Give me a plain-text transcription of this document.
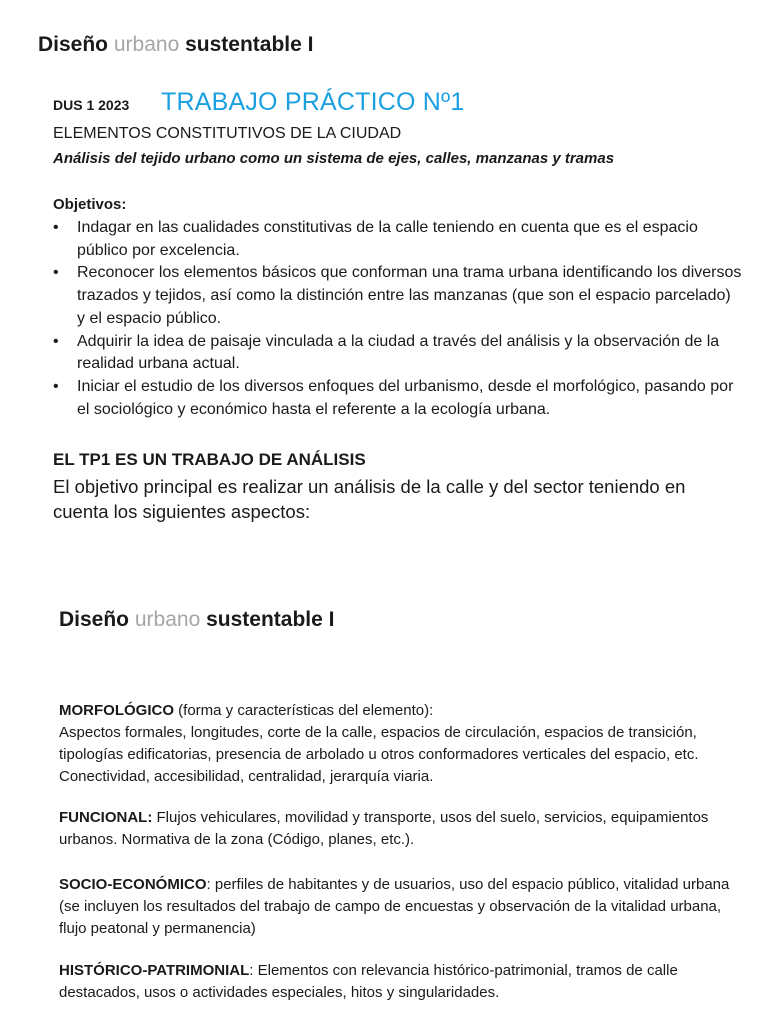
Diseño urbano sustentable I
DUS 1 2023 TRABAJO PRÁCTICO Nº1
ELEMENTOS CONSTITUTIVOS DE LA CIUDAD
Análisis del tejido urbano como un sistema de ejes, calles, manzanas y tramas
Objetivos:
• Indagar en las cualidades constitutivas de la calle teniendo en cuenta que es el espacio público por excelencia.
• Reconocer los elementos básicos que conforman una trama urbana identificando los diversos trazados y tejidos, así como la distinción entre las manzanas (que son el espacio parcelado) y el espacio público.
• Adquirir la idea de paisaje vinculada a la ciudad a través del análisis y la observación de la realidad urbana actual.
• Iniciar el estudio de los diversos enfoques del urbanismo, desde el morfológico, pasando por el sociológico y económico hasta el referente a la ecología urbana.
EL TP1 ES UN TRABAJO DE ANÁLISIS
El objetivo principal es realizar un análisis de la calle y del sector teniendo en cuenta los siguientes aspectos:
Diseño urbano sustentable I
MORFOLÓGICO (forma y características del elemento):
Aspectos formales, longitudes, corte de la calle, espacios de circulación, espacios de transición, tipologías edificatorias, presencia de arbolado u otros conformadores verticales del espacio, etc. Conectividad, accesibilidad, centralidad, jerarquía viaria.
FUNCIONAL: Flujos vehiculares, movilidad y transporte, usos del suelo, servicios, equipamientos urbanos. Normativa de la zona (Código, planes, etc.).
SOCIO-ECONÓMICO: perfiles de habitantes y de usuarios, uso del espacio público, vitalidad urbana (se incluyen los resultados del trabajo de campo de encuestas y observación de la vitalidad urbana, flujo peatonal y permanencia)
HISTÓRICO-PATRIMONIAL: Elementos con relevancia histórico-patrimonial, tramos de calle destacados, usos o actividades especiales, hitos y singularidades.
